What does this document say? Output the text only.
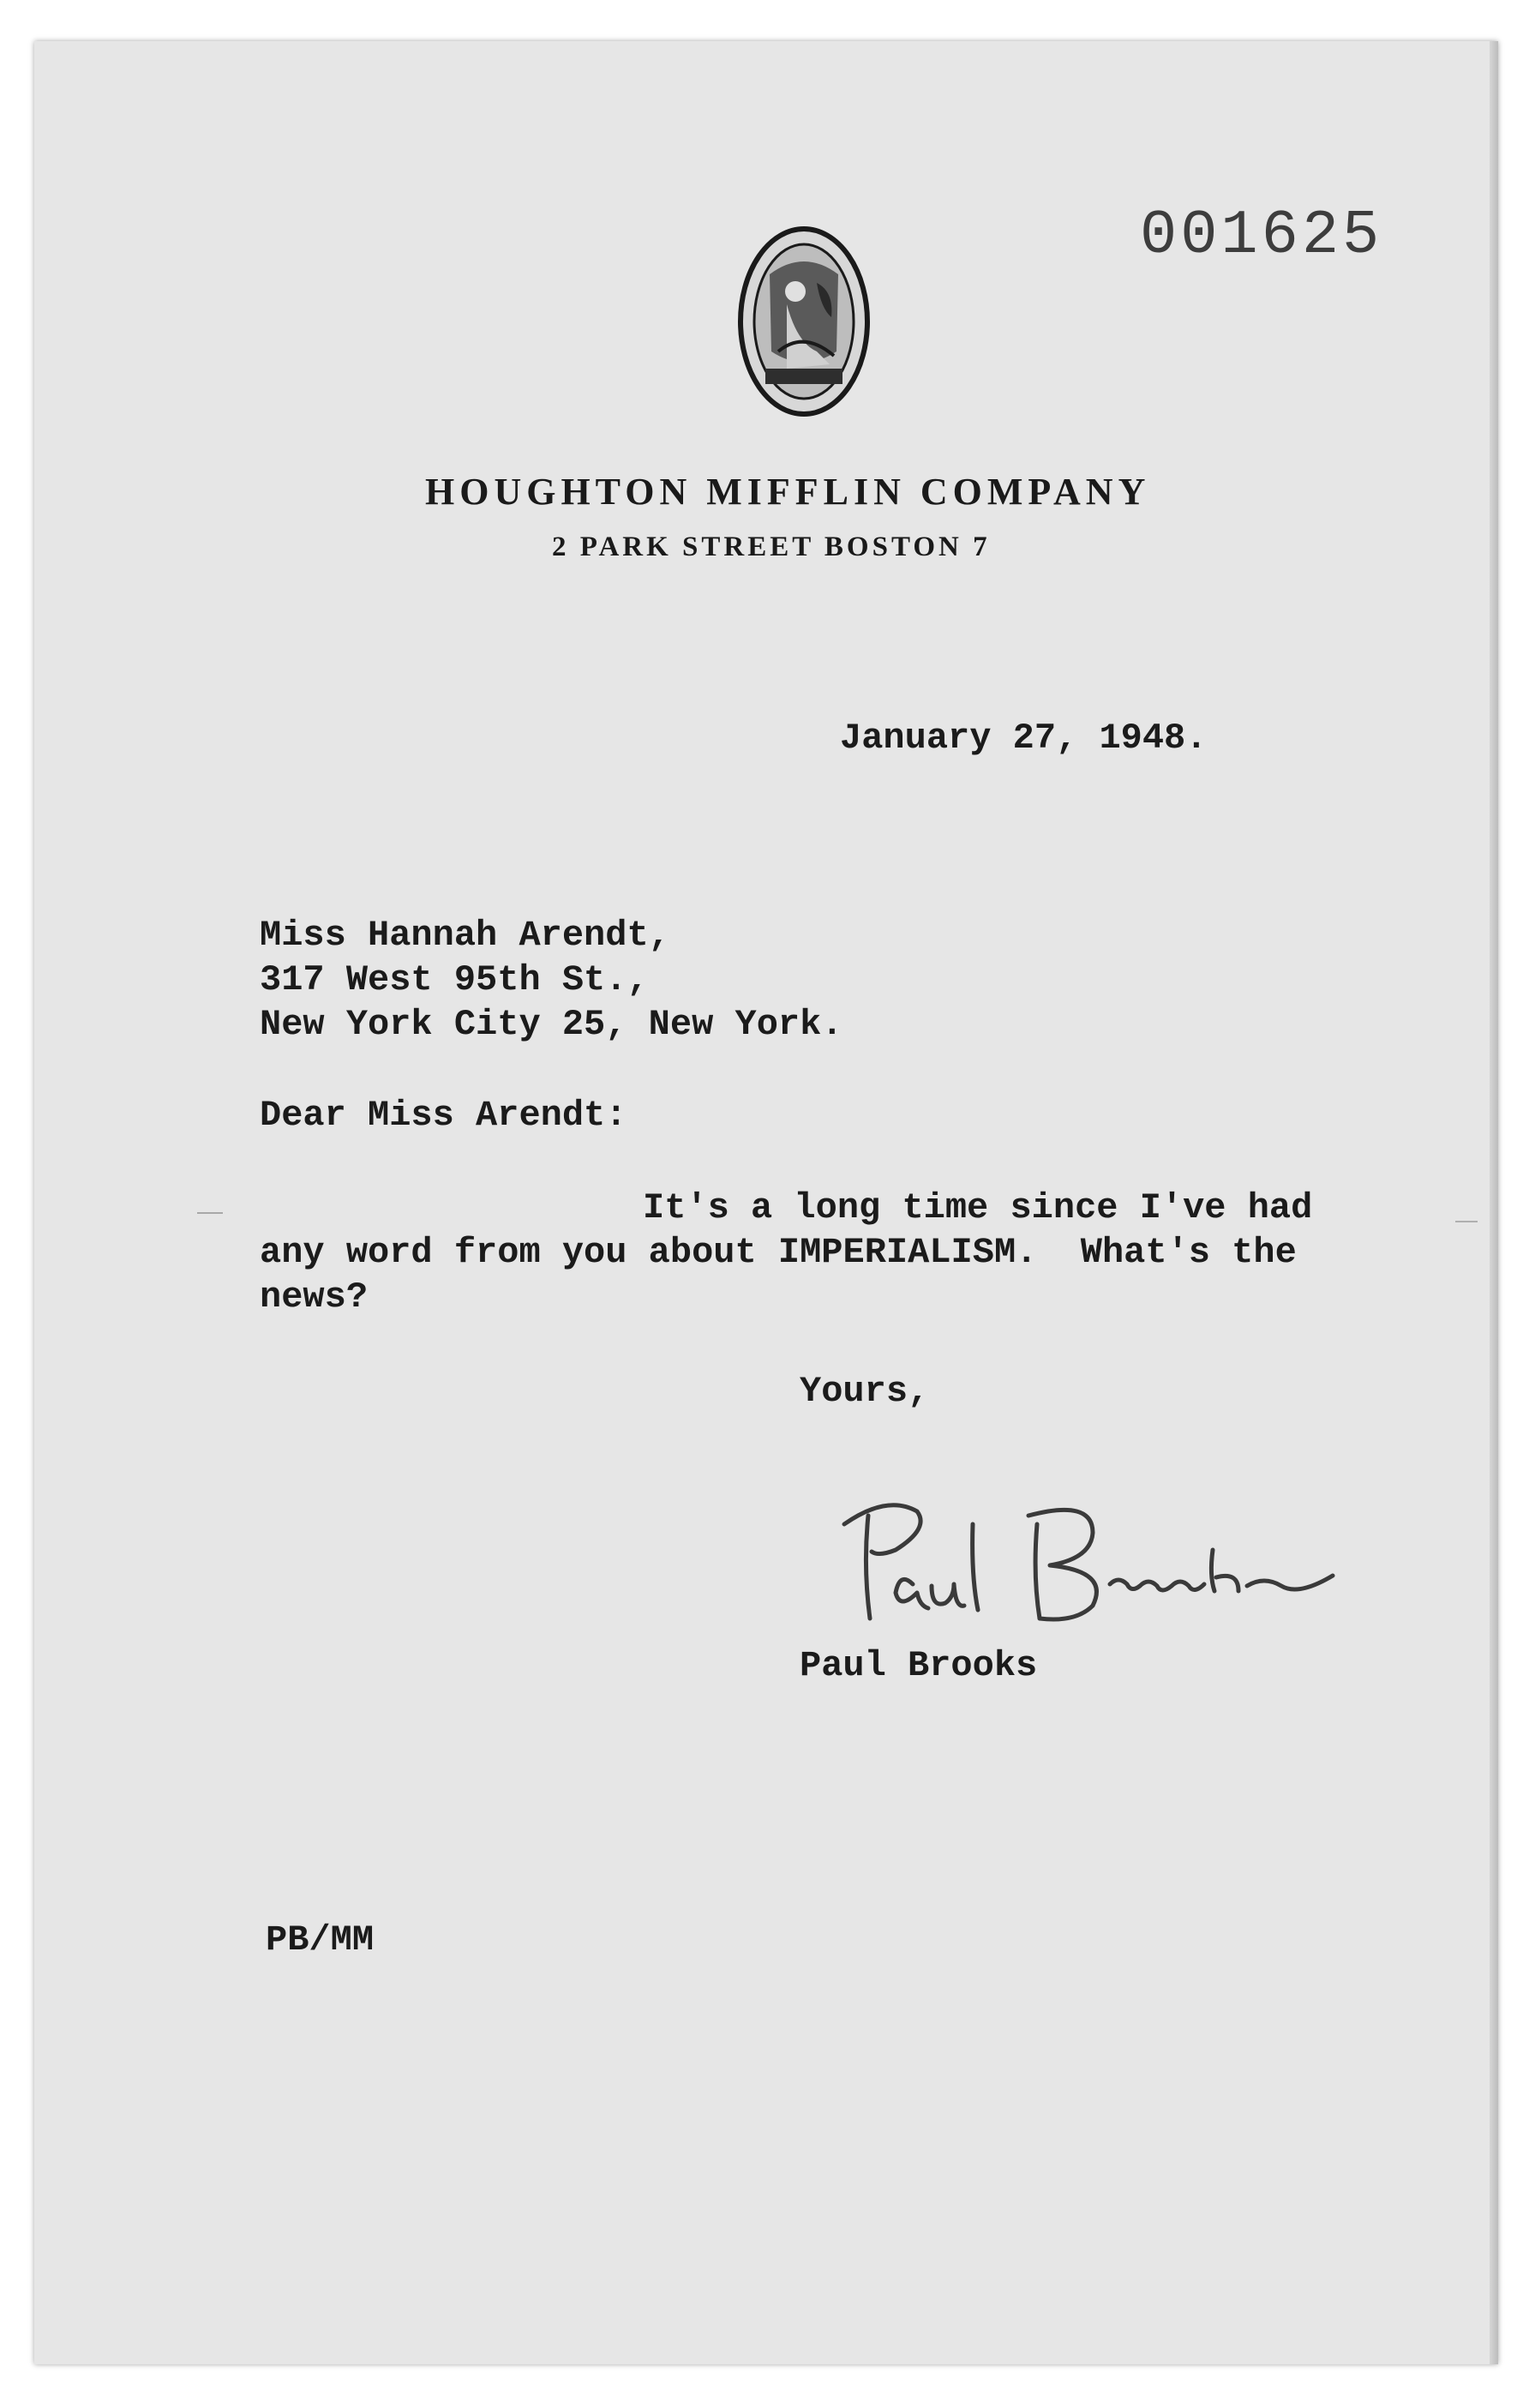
001625
HOUGHTON MIFFLIN COMPANY
2 PARK STREET BOSTON 7
January 27, 1948.
Miss Hannah Arendt,
317 West 95th St.,
New York City 25, New York.
Dear Miss Arendt:
It's a long time since I've had
any word from you about IMPERIALISM.  What's the
news?
Yours,
Paul Brooks
PB/MM
